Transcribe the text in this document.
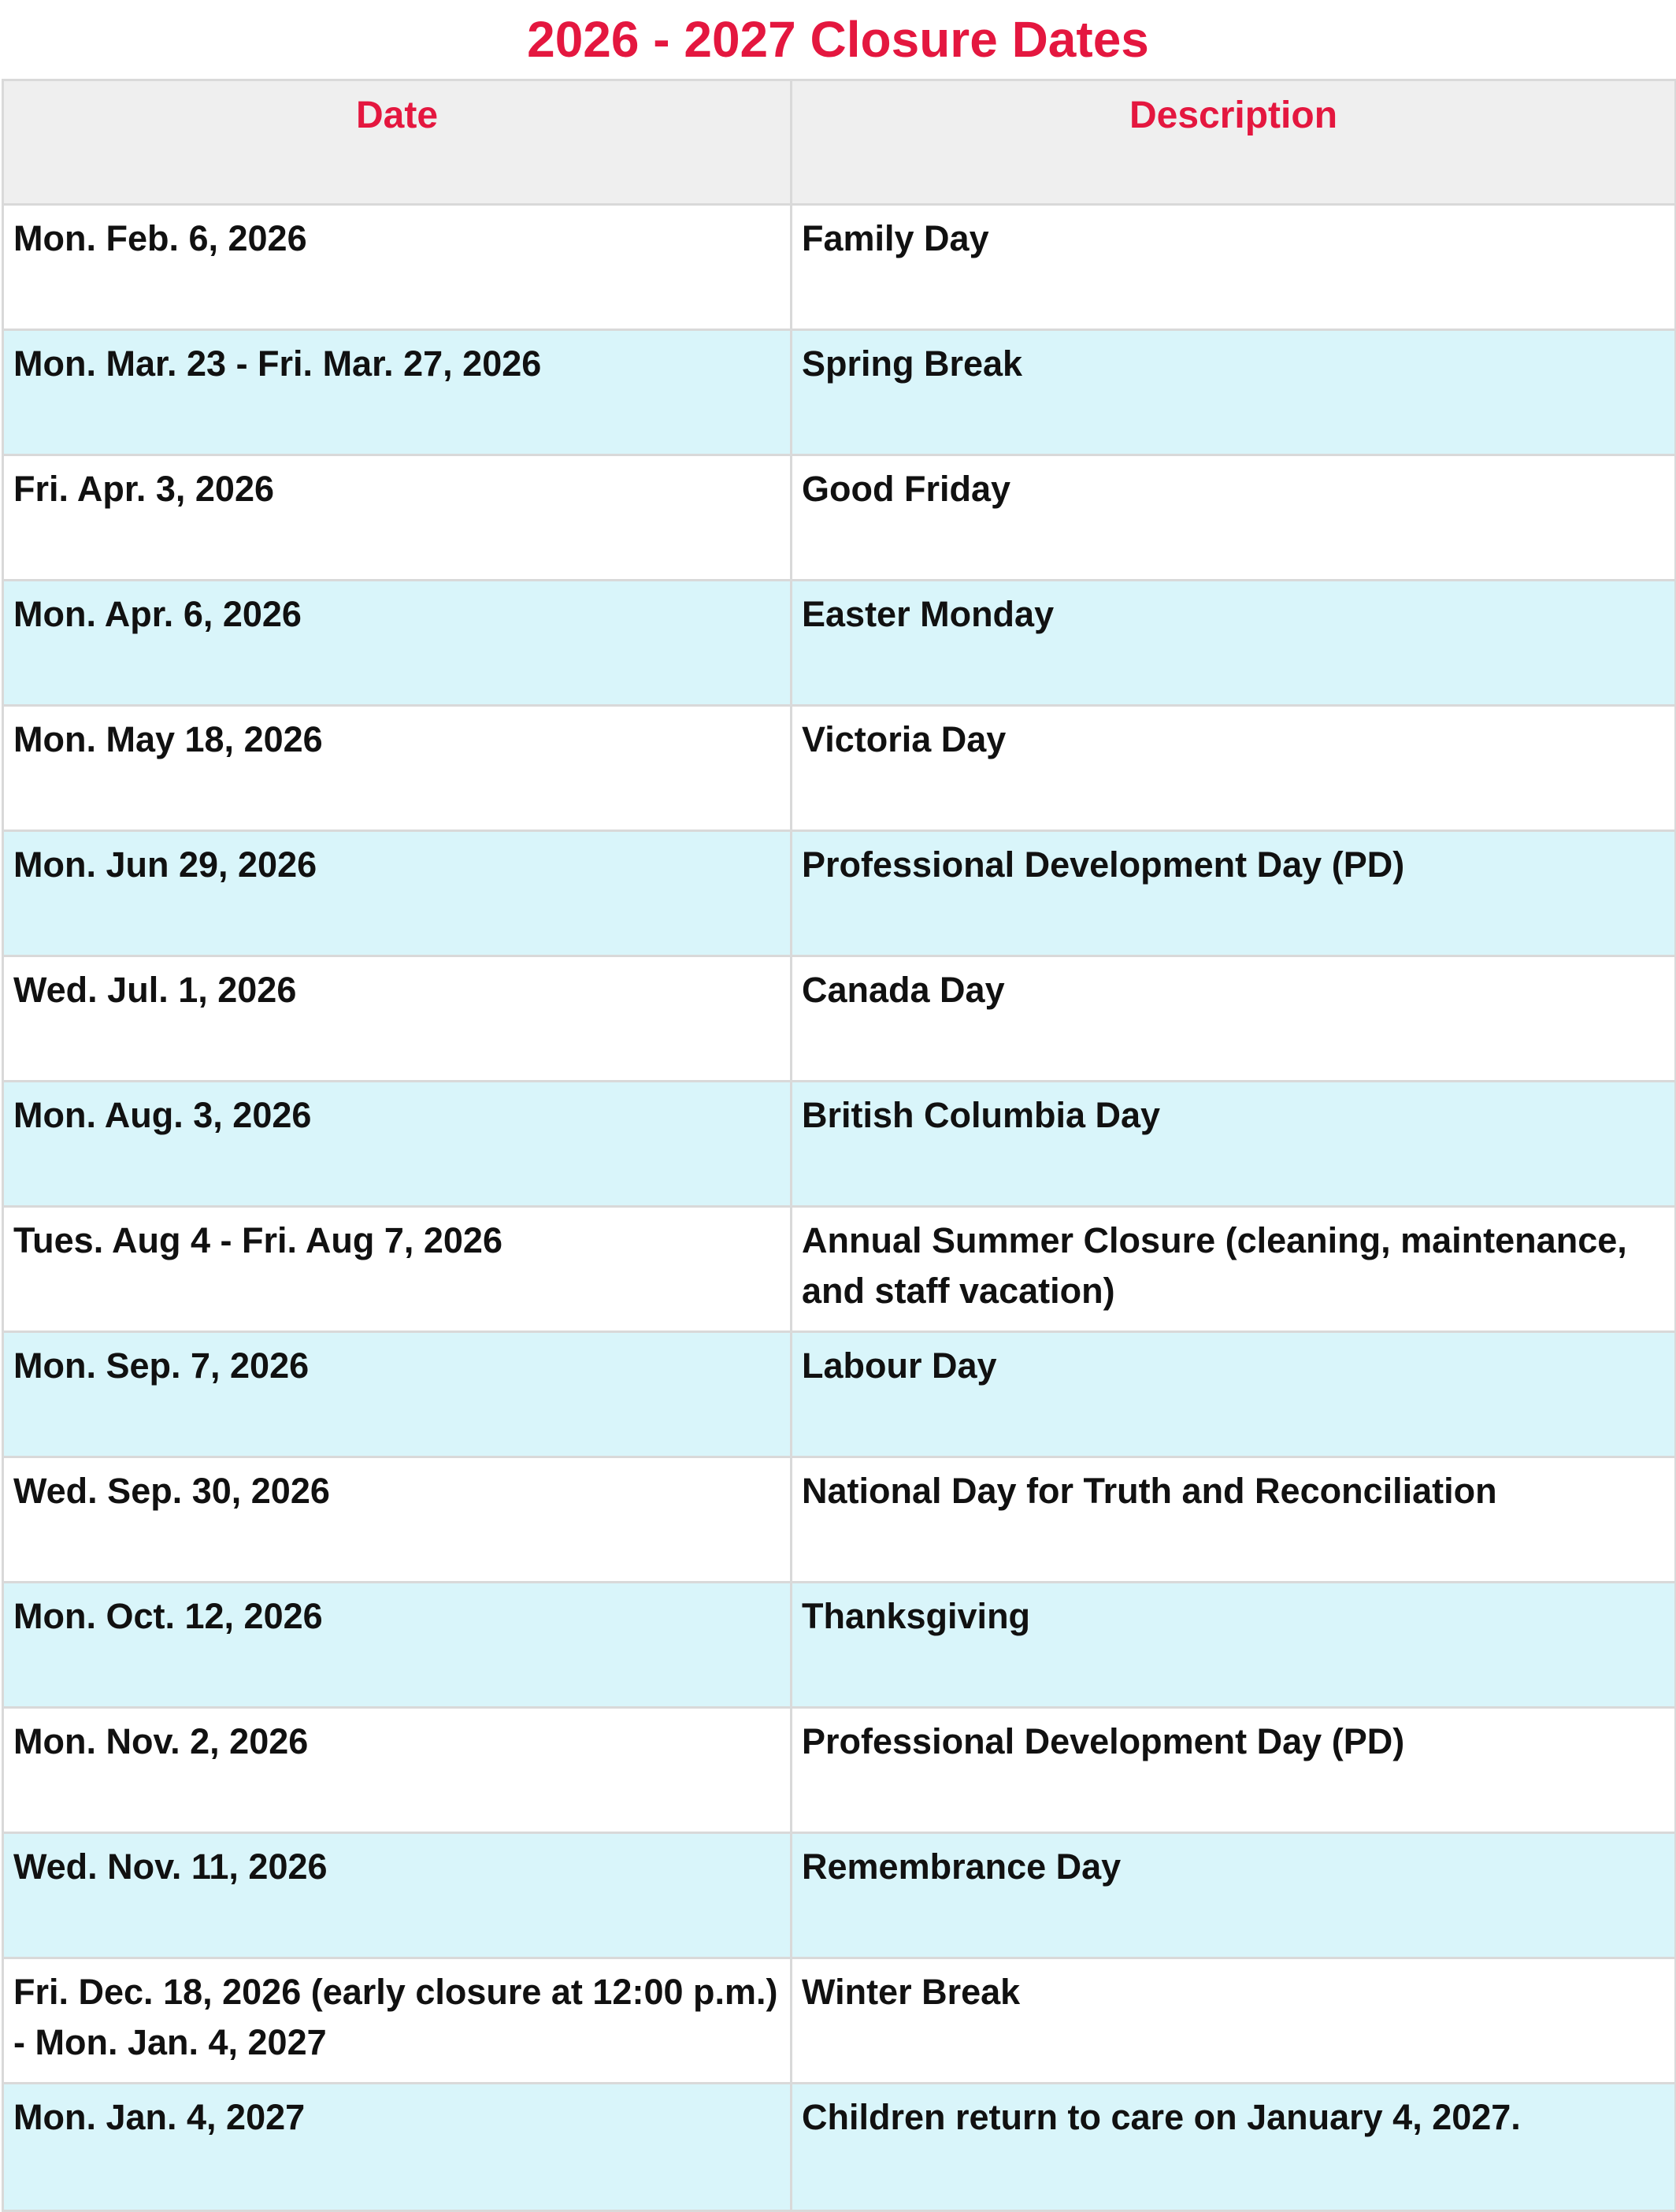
2026 - 2027 Closure Dates
Date	Description
Mon. Feb. 6, 2026	Family Day
Mon. Mar. 23 - Fri. Mar. 27, 2026	Spring Break
Fri. Apr. 3, 2026	Good Friday
Mon. Apr. 6, 2026	Easter Monday
Mon. May 18, 2026	Victoria Day
Mon. Jun 29, 2026	Professional Development Day (PD)
Wed. Jul. 1, 2026	Canada Day
Mon. Aug. 3, 2026	British Columbia Day
Tues. Aug 4 - Fri. Aug 7, 2026	Annual Summer Closure (cleaning, maintenance, and staff vacation)
Mon. Sep. 7, 2026	Labour Day
Wed. Sep. 30, 2026	National Day for Truth and Reconciliation
Mon. Oct. 12, 2026	Thanksgiving
Mon. Nov. 2, 2026	Professional Development Day (PD)
Wed. Nov. 11, 2026	Remembrance Day
Fri. Dec. 18, 2026 (early closure at 12:00 p.m.) - Mon. Jan. 4, 2027	Winter Break
Mon. Jan. 4, 2027	Children return to care on January 4, 2027.
